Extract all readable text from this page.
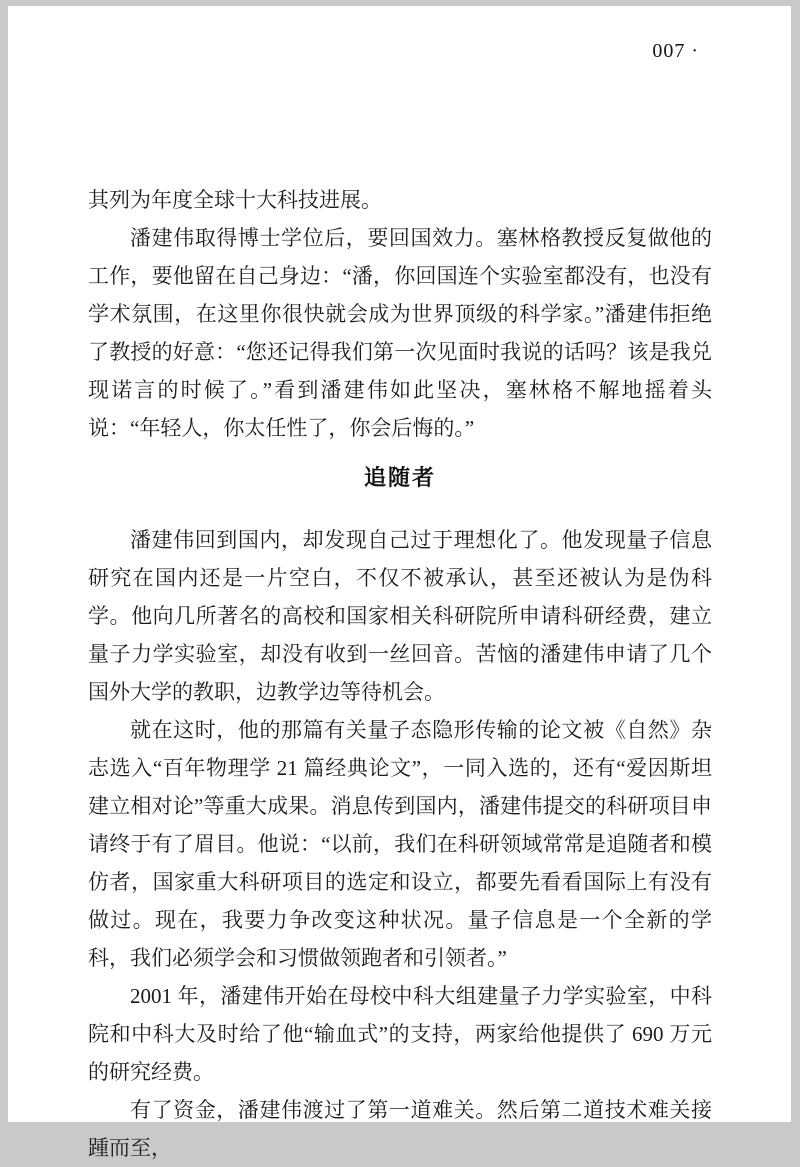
007 ·

其列为年度全球十大科技进展。

潘建伟取得博士学位后，要回国效力。塞林格教授反复做他的工作，要他留在自己身边：“潘，你回国连个实验室都没有，也没有学术氛围，在这里你很快就会成为世界顶级的科学家。”潘建伟拒绝了教授的好意：“您还记得我们第一次见面时我说的话吗？该是我兑现诺言的时候了。”看到潘建伟如此坚决，塞林格不解地摇着头说：“年轻人，你太任性了，你会后悔的。”

追随者

潘建伟回到国内，却发现自己过于理想化了。他发现量子信息研究在国内还是一片空白，不仅不被承认，甚至还被认为是伪科学。他向几所著名的高校和国家相关科研院所申请科研经费，建立量子力学实验室，却没有收到一丝回音。苦恼的潘建伟申请了几个国外大学的教职，边教学边等待机会。

就在这时，他的那篇有关量子态隐形传输的论文被《自然》杂志选入“百年物理学 21 篇经典论文”，一同入选的，还有“爱因斯坦建立相对论”等重大成果。消息传到国内，潘建伟提交的科研项目申请终于有了眉目。他说：“以前，我们在科研领域常常是追随者和模仿者，国家重大科研项目的选定和设立，都要先看看国际上有没有做过。现在，我要力争改变这种状况。量子信息是一个全新的学科，我们必须学会和习惯做领跑者和引领者。”

2001 年，潘建伟开始在母校中科大组建量子力学实验室，中科院和中科大及时给了他“输血式”的支持，两家给他提供了 690 万元的研究经费。

有了资金，潘建伟渡过了第一道难关。然后第二道技术难关接踵而至，
